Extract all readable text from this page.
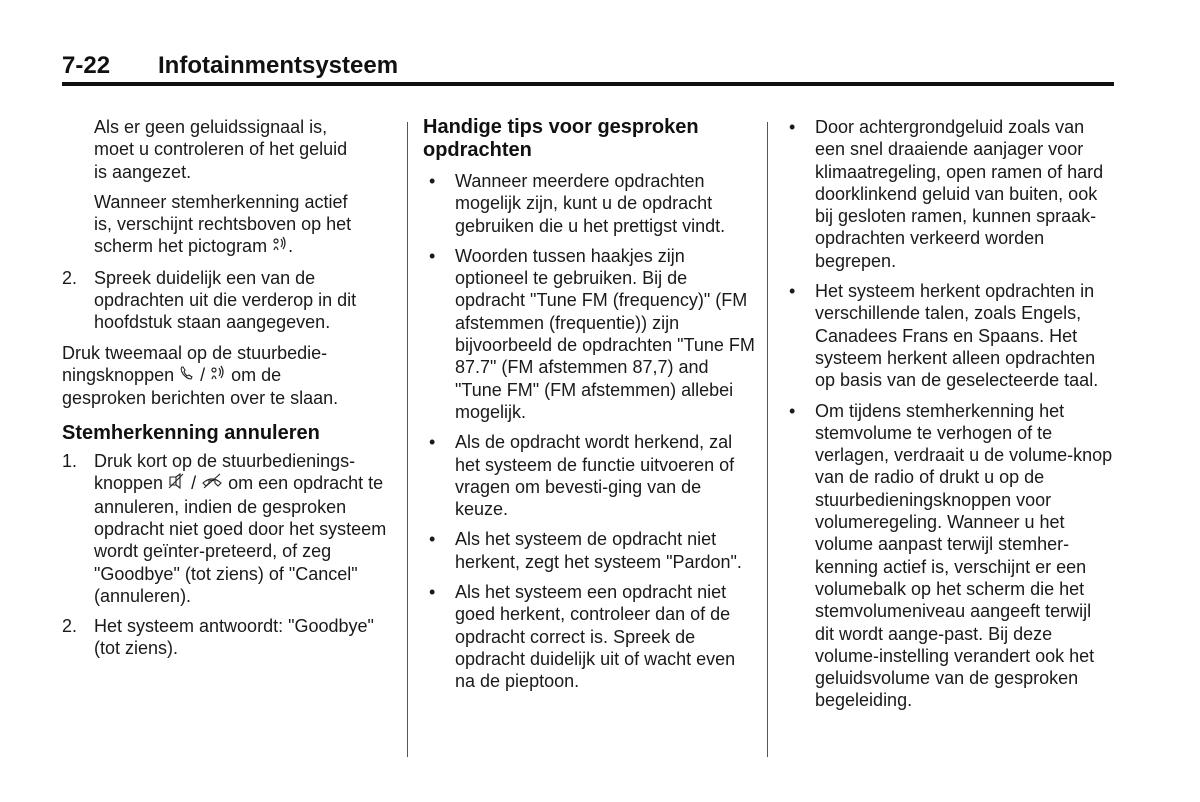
7-22 Infotainmentsysteem

Als er geen geluidssignaal is, moet u controleren of het geluid is aangezet.

Wanneer stemherkenning actief is, verschijnt rechtsboven op het scherm het pictogram .

2. Spreek duidelijk een van de opdrachten uit die verderop in dit hoofdstuk staan aangegeven.

Druk tweemaal op de stuurbedie-ningsknoppen  /  om de gesproken berichten over te slaan.

Stemherkenning annuleren

1. Druk kort op de stuurbedienings-knoppen  /  om een opdracht te annuleren, indien de gesproken opdracht niet goed door het systeem wordt geïnter-preteerd, of zeg "Goodbye" (tot ziens) of "Cancel" (annuleren).

2. Het systeem antwoordt: "Goodbye" (tot ziens).

Handige tips voor gesproken opdrachten

• Wanneer meerdere opdrachten mogelijk zijn, kunt u de opdracht gebruiken die u het prettigst vindt.

• Woorden tussen haakjes zijn optioneel te gebruiken. Bij de opdracht "Tune FM (frequency)" (FM afstemmen (frequentie)) zijn bijvoorbeeld de opdrachten "Tune FM 87.7" (FM afstemmen 87,7) and "Tune FM" (FM afstemmen) allebei mogelijk.

• Als de opdracht wordt herkend, zal het systeem de functie uitvoeren of vragen om bevesti-ging van de keuze.

• Als het systeem de opdracht niet herkent, zegt het systeem "Pardon".

• Als het systeem een opdracht niet goed herkent, controleer dan of de opdracht correct is. Spreek de opdracht duidelijk uit of wacht even na de pieptoon.

• Door achtergrondgeluid zoals van een snel draaiende aanjager voor klimaatregeling, open ramen of hard doorklinkend geluid van buiten, ook bij gesloten ramen, kunnen spraak-opdrachten verkeerd worden begrepen.

• Het systeem herkent opdrachten in verschillende talen, zoals Engels, Canadees Frans en Spaans. Het systeem herkent alleen opdrachten op basis van de geselecteerde taal.

• Om tijdens stemherkenning het stemvolume te verhogen of te verlagen, verdraait u de volume-knop van de radio of drukt u op de stuurbedieningsknoppen voor volumeregeling. Wanneer u het volume aanpast terwijl stemher-kenning actief is, verschijnt er een volumebalk op het scherm die het stemvolumeniveau aangeeft terwijl dit wordt aange-past. Bij deze volume-instelling verandert ook het geluidsvolume van de gesproken begeleiding.
